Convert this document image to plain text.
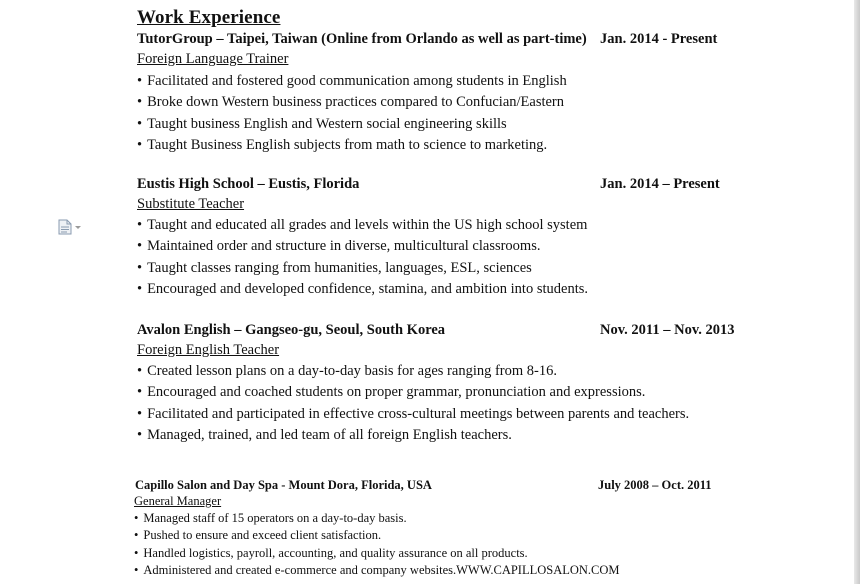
Work Experience
TutorGroup – Taipei, Taiwan (Online from Orlando as well as part-time) Jan. 2014 - Present
Foreign Language Trainer
• Facilitated and fostered good communication among students in English
• Broke down Western business practices compared to Confucian/Eastern
• Taught business English and Western social engineering skills
• Taught Business English subjects from math to science to marketing.
Eustis High School – Eustis, Florida	Jan. 2014 – Present
Substitute Teacher
• Taught and educated all grades and levels within the US high school system
• Maintained order and structure in diverse, multicultural classrooms.
• Taught classes ranging from humanities, languages, ESL, sciences
• Encouraged and developed confidence, stamina, and ambition into students.
Avalon English – Gangseo-gu, Seoul, South Korea	Nov. 2011 – Nov. 2013
Foreign English Teacher
• Created lesson plans on a day-to-day basis for ages ranging from 8-16.
• Encouraged and coached students on proper grammar, pronunciation and expressions.
• Facilitated and participated in effective cross-cultural meetings between parents and teachers.
• Managed, trained, and led team of all foreign English teachers.
Capillo Salon and Day Spa - Mount Dora, Florida, USA	July 2008 – Oct. 2011
General Manager
• Managed staff of 15 operators on a day-to-day basis.
• Pushed to ensure and exceed client satisfaction.
• Handled logistics, payroll, accounting, and quality assurance on all products.
• Administered and created e-commerce and company websites.WWW.CAPILLOSALON.COM
